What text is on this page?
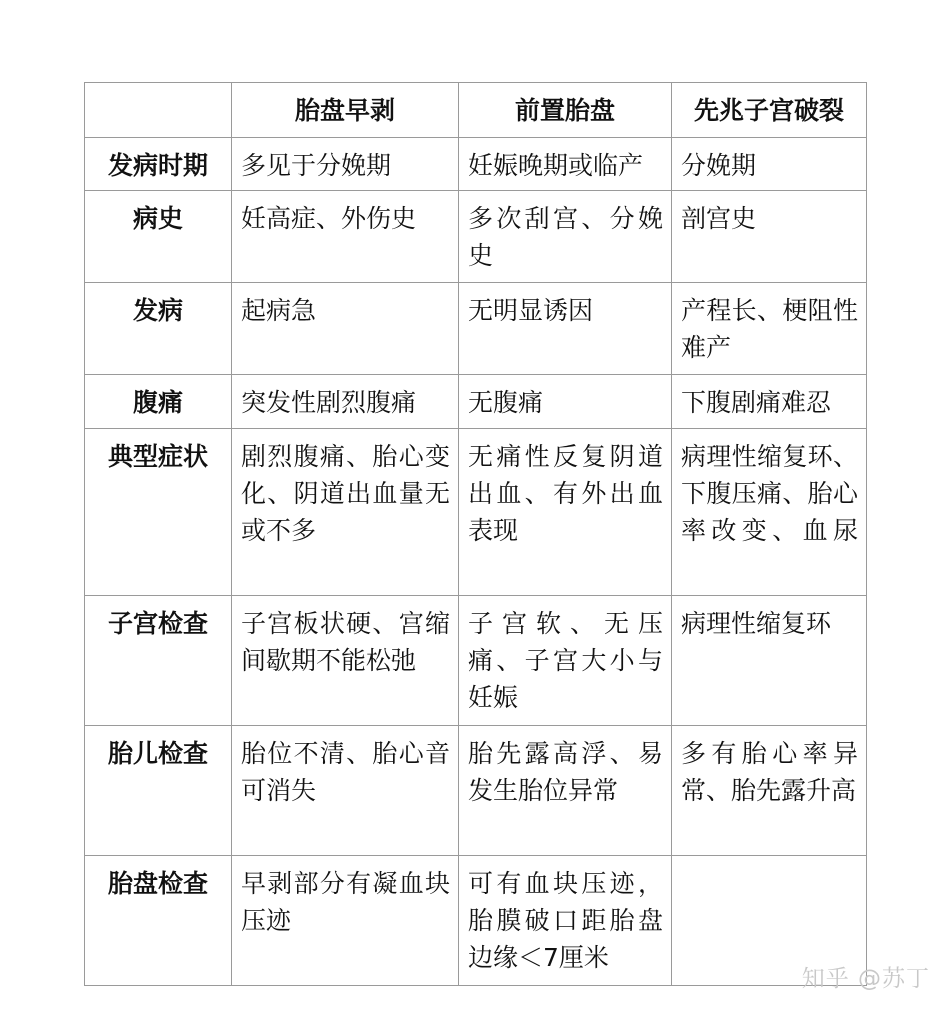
	胎盘早剥	前置胎盘	先兆子宫破裂
发病时期	多见于分娩期	妊娠晚期或临产	分娩期
病史	妊高症、外伤史	多次刮宫、分娩史	剖宫史
发病	起病急	无明显诱因	产程长、梗阻性难产
腹痛	突发性剧烈腹痛	无腹痛	下腹剧痛难忍
典型症状	剧烈腹痛、胎心变化、阴道出血量无或不多	无痛性反复阴道出血、有外出血表现	病理性缩复环、下腹压痛、胎心率改变、血尿
子宫检查	子宫板状硬、宫缩间歇期不能松弛	子宫软、无压痛、子宫大小与妊娠	病理性缩复环
胎儿检查	胎位不清、胎心音可消失	胎先露高浮、易发生胎位异常	多有胎心率异常、胎先露升高
胎盘检查	早剥部分有凝血块压迹	可有血块压迹，胎膜破口距胎盘边缘＜7厘米	
知乎 @苏丁
